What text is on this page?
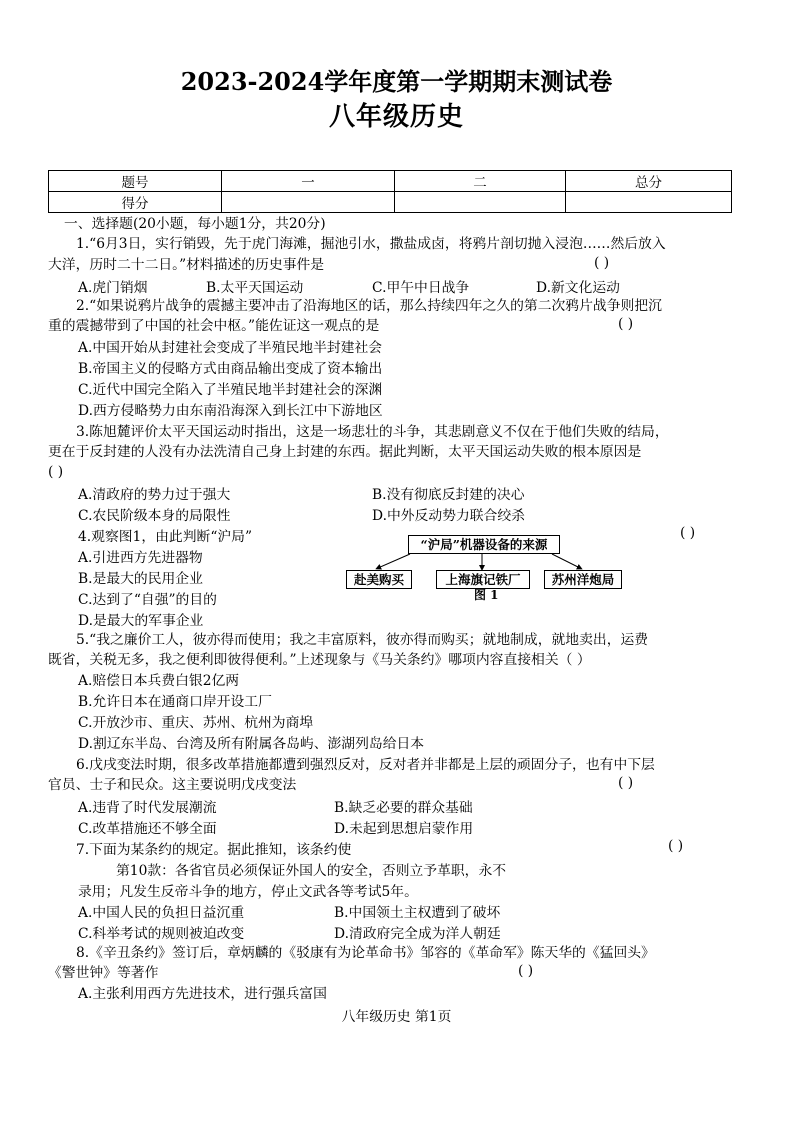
2023-2024学年度第一学期期末测试卷
八年级历史
题号	一	二	总分
得分			
一、选择题(20小题，每小题1分，共20分)
1.“6月3日，实行销毁，先于虎门海滩，掘池引水，撒盐成卤，将鸦片剖切抛入浸泡……然后放入
大洋，历时二十二日。”材料描述的历史事件是	( )
A.虎门销烟	B.太平天国运动	C.甲午中日战争	D.新文化运动
2.“如果说鸦片战争的震撼主要冲击了沿海地区的话，那么持续四年之久的第二次鸦片战争则把沉
重的震撼带到了中国的社会中枢。”能佐证这一观点的是	( )
A.中国开始从封建社会变成了半殖民地半封建社会
B.帝国主义的侵略方式由商品输出变成了资本输出
C.近代中国完全陷入了半殖民地半封建社会的深渊
D.西方侵略势力由东南沿海深入到长江中下游地区
3.陈旭麓评价太平天国运动时指出，这是一场悲壮的斗争，其悲剧意义不仅在于他们失败的结局，
更在于反封建的人没有办法洗清自己身上封建的东西。据此判断，太平天国运动失败的根本原因是
( )
A.清政府的势力过于强大	B.没有彻底反封建的决心
C.农民阶级本身的局限性	D.中外反动势力联合绞杀
4.观察图1，由此判断“沪局”	( )
A.引进西方先进器物
B.是最大的民用企业
C.达到了“自强”的目的
D.是最大的军事企业
“沪局”机器设备的来源
赴美购买	上海旗记铁厂	苏州洋炮局
图 1
5.“我之廉价工人，彼亦得而使用；我之丰富原料，彼亦得而购买；就地制成，就地卖出，运费
既省，关税无多，我之便利即彼得便利。”上述现象与《马关条约》哪项内容直接相关（ ）
A.赔偿日本兵费白银2亿两
B.允许日本在通商口岸开设工厂
C.开放沙市、重庆、苏州、杭州为商埠
D.割辽东半岛、台湾及所有附属各岛屿、澎湖列岛给日本
6.戊戌变法时期，很多改革措施都遭到强烈反对，反对者并非都是上层的顽固分子，也有中下层
官员、士子和民众。这主要说明戊戌变法	( )
A.违背了时代发展潮流	B.缺乏必要的群众基础
C.改革措施还不够全面	D.未起到思想启蒙作用
7.下面为某条约的规定。据此推知，该条约使	( )
第10款：各省官员必须保证外国人的安全，否则立予革职，永不
录用；凡发生反帝斗争的地方，停止文武各等考试5年。
A.中国人民的负担日益沉重	B.中国领土主权遭到了破坏
C.科举考试的规则被迫改变	D.清政府完全成为洋人朝廷
8.《辛丑条约》签订后，章炳麟的《驳康有为论革命书》邹容的《革命军》陈天华的《猛回头》
《警世钟》等著作	( )
A.主张利用西方先进技术，进行强兵富国
八年级历史 第1页
